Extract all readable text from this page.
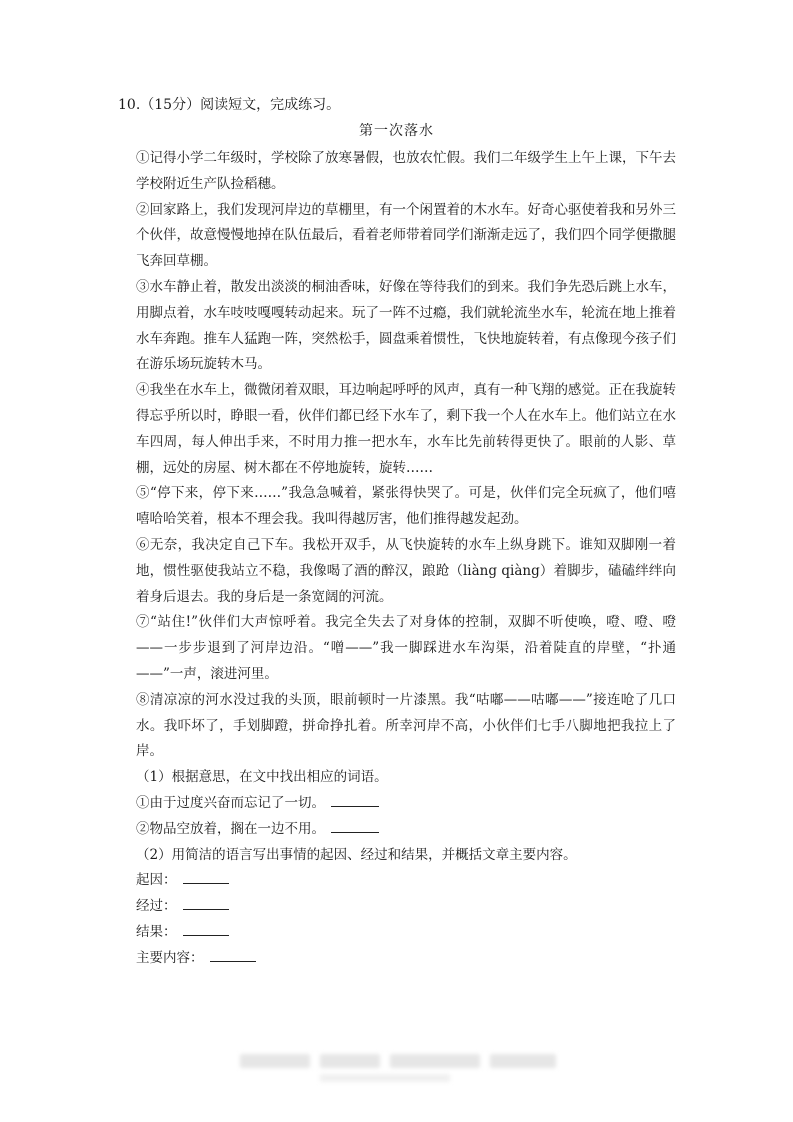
10.（15分）阅读短文，完成练习。
第一次落水

①记得小学二年级时，学校除了放寒暑假，也放农忙假。我们二年级学生上午上课，下午去学校附近生产队捡稻穗。

②回家路上，我们发现河岸边的草棚里，有一个闲置着的木水车。好奇心驱使着我和另外三个伙伴，故意慢慢地掉在队伍最后，看着老师带着同学们渐渐走远了，我们四个同学便撒腿飞奔回草棚。

③水车静止着，散发出淡淡的桐油香味，好像在等待我们的到来。我们争先恐后跳上水车，用脚点着，水车吱吱嘎嘎转动起来。玩了一阵不过瘾，我们就轮流坐水车，轮流在地上推着水车奔跑。推车人猛跑一阵，突然松手，圆盘乘着惯性，飞快地旋转着，有点像现今孩子们在游乐场玩旋转木马。

④我坐在水车上，微微闭着双眼，耳边响起呼呼的风声，真有一种飞翔的感觉。正在我旋转得忘乎所以时，睁眼一看，伙伴们都已经下水车了，剩下我一个人在水车上。他们站立在水车四周，每人伸出手来，不时用力推一把水车，水车比先前转得更快了。眼前的人影、草棚，远处的房屋、树木都在不停地旋转，旋转……

⑤“停下来，停下来……”我急急喊着，紧张得快哭了。可是，伙伴们完全玩疯了，他们嘻嘻哈哈笑着，根本不理会我。我叫得越厉害，他们推得越发起劲。

⑥无奈，我决定自己下车。我松开双手，从飞快旋转的水车上纵身跳下。谁知双脚刚一着地，惯性驱使我站立不稳，我像喝了酒的醉汉，踉跄（liàng qiàng）着脚步，磕磕绊绊向着身后退去。我的身后是一条宽阔的河流。

⑦“站住!”伙伴们大声惊呼着。我完全失去了对身体的控制，双脚不听使唤，噔、噔、噔——一步步退到了河岸边沿。“噌——”我一脚踩进水车沟渠，沿着陡直的岸壁，“扑通——”一声，滚进河里。

⑧清凉凉的河水没过我的头顶，眼前顿时一片漆黑。我“咕嘟——咕嘟——”接连呛了几口水。我吓坏了，手划脚蹬，拼命挣扎着。所幸河岸不高，小伙伴们七手八脚地把我拉上了岸。

（1）根据意思，在文中找出相应的词语。

①由于过度兴奋而忘记了一切。

②物品空放着，搁在一边不用。

（2）用简洁的语言写出事情的起因、经过和结果，并概括文章主要内容。

起因：

经过：

结果：

主要内容：
